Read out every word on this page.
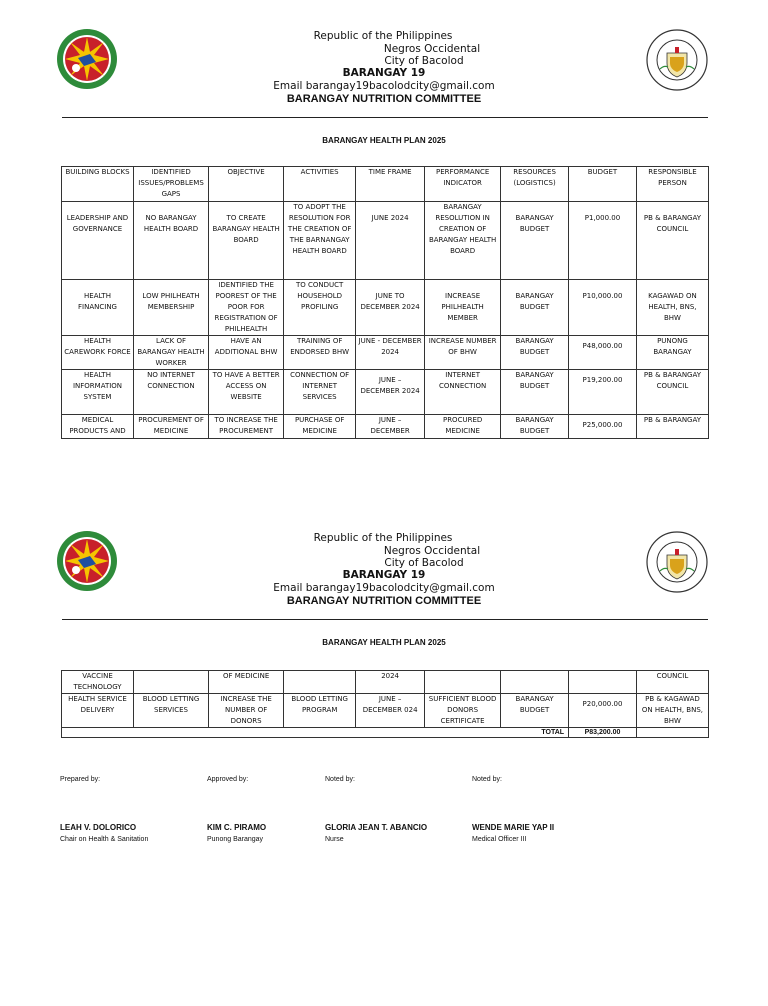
Republic of the Philippines
Negros Occidental
City of Bacolod
BARANGAY 19
Email barangay19bacolodcity@gmail.com
BARANGAY NUTRITION COMMITTEE
BARANGAY HEALTH PLAN 2025
BUILDING BLOCKS	IDENTIFIED ISSUES/PROBLEMS GAPS	OBJECTIVE	ACTIVITIES	TIME FRAME	PERFORMANCE INDICATOR	RESOURCES (LOGISTICS)	BUDGET	RESPONSIBLE PERSON
LEADERSHIP AND GOVERNANCE	NO BARANGAY HEALTH BOARD	TO CREATE BARANGAY HEALTH BOARD	TO ADOPT THE RESOLUTION FOR THE CREATION OF THE BARNANGAY HEALTH BOARD	JUNE 2024	BARANGAY RESOLUTION IN CREATION OF BARANGAY HEALTH BOARD	BARANGAY BUDGET	P1,000.00	PB & BARANGAY COUNCIL
HEALTH FINANCING	LOW PHILHEATH MEMBERSHIP	IDENTIFIED THE POOREST OF THE POOR FOR REGISTRATION OF PHILHEALTH	TO CONDUCT HOUSEHOLD PROFILING	JUNE TO DECEMBER 2024	INCREASE PHILHEALTH MEMBER	BARANGAY BUDGET	P10,000.00	KAGAWAD ON HEALTH, BNS, BHW
HEALTH CAREWORK FORCE	LACK OF BARANGAY HEALTH WORKER	HAVE AN ADDITIONAL BHW	TRAINING OF ENDORSED BHW	JUNE - DECEMBER 2024	INCREASE NUMBER OF BHW	BARANGAY BUDGET	P48,000.00	PUNONG BARANGAY
HEALTH INFORMATION SYSTEM	NO INTERNET CONNECTION	TO HAVE A BETTER ACCESS ON WEBSITE	CONNECTION OF INTERNET SERVICES	JUNE – DECEMBER 2024	INTERNET CONNECTION	BARANGAY BUDGET	P19,200.00	PB & BARANGAY COUNCIL
MEDICAL PRODUCTS AND	PROCUREMENT OF MEDICINE	TO INCREASE THE PROCUREMENT	PURCHASE OF MEDICINE	JUNE – DECEMBER	PROCURED MEDICINE	BARANGAY BUDGET	P25,000.00	PB & BARANGAY
Republic of the Philippines
Negros Occidental
City of Bacolod
BARANGAY 19
Email barangay19bacolodcity@gmail.com
BARANGAY NUTRITION COMMITTEE
BARANGAY HEALTH PLAN 2025
VACCINE TECHNOLOGY		OF MEDICINE		2024				COUNCIL
HEALTH SERVICE DELIVERY	BLOOD LETTING SERVICES	INCREASE THE NUMBER OF DONORS	BLOOD LETTING PROGRAM	JUNE – DECEMBER 024	SUFFICIENT BLOOD DONORS CERTIFICATE	BARANGAY BUDGET	P20,000.00	PB & KAGAWAD ON HEALTH, BNS, BHW
TOTAL							P83,200.00	
Prepared by:	Approved by:	Noted by:	Noted by:
LEAH V. DOLORICO	KIM C. PIRAMO	GLORIA JEAN T. ABANCIO	WENDE MARIE YAP II
Chair on Health & Sanitation	Punong Barangay	Nurse	Medical Officer III
